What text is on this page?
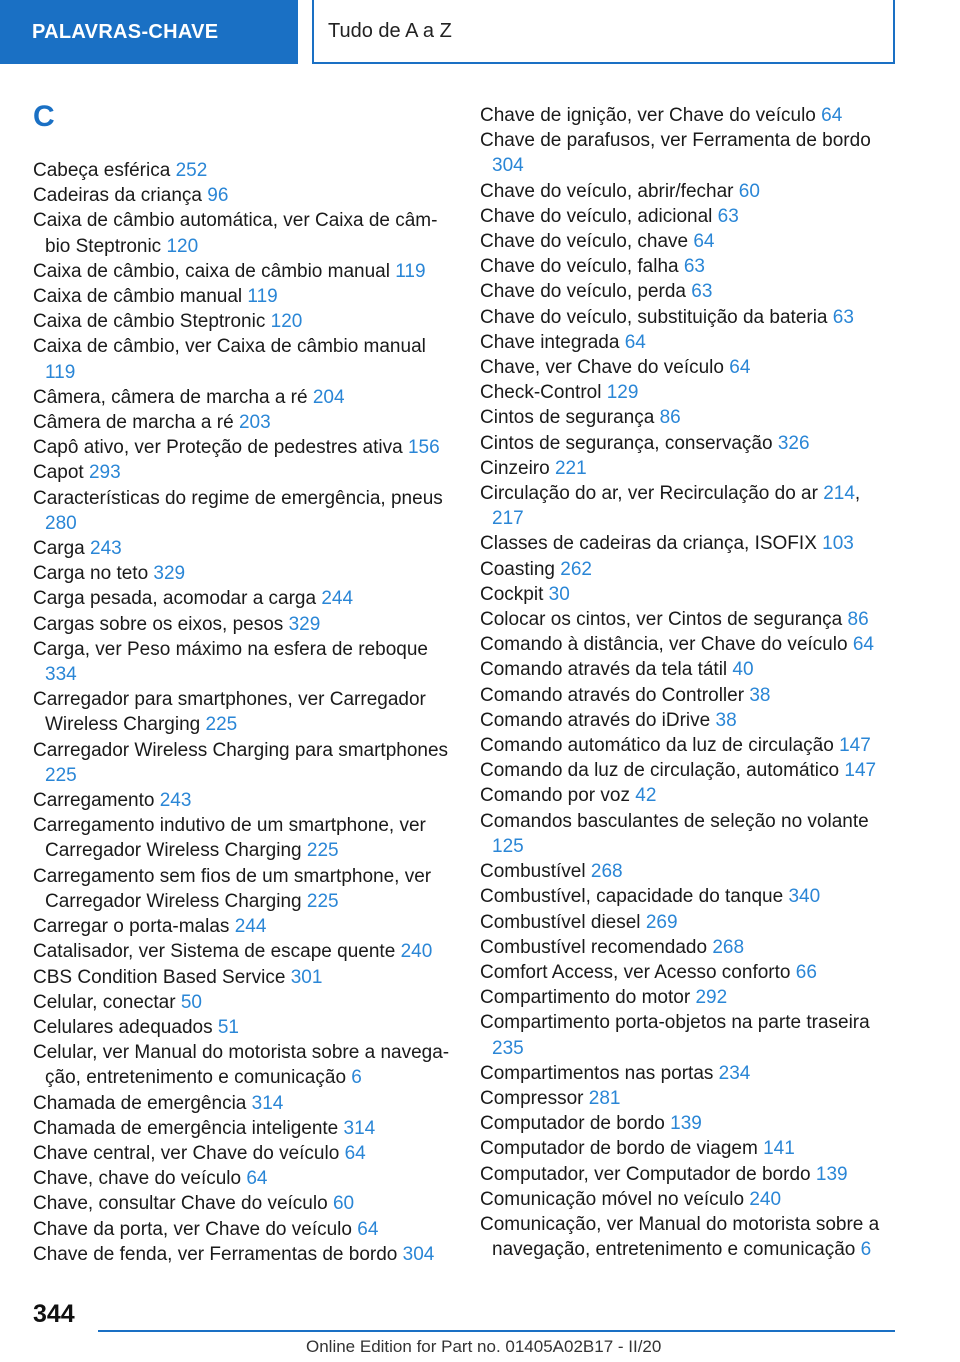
PALAVRAS-CHAVE	Tudo de A a Z
C
Cabeça esférica 252
Cadeiras da criança 96
Caixa de câmbio automática, ver Caixa de câmbio Steptronic 120
Caixa de câmbio, caixa de câmbio manual 119
Caixa de câmbio manual 119
Caixa de câmbio Steptronic 120
Caixa de câmbio, ver Caixa de câmbio manual 119
Câmera, câmera de marcha a ré 204
Câmera de marcha a ré 203
Capô ativo, ver Proteção de pedestres ativa 156
Capot 293
Características do regime de emergência, pneus 280
Carga 243
Carga no teto 329
Carga pesada, acomodar a carga 244
Cargas sobre os eixos, pesos 329
Carga, ver Peso máximo na esfera de reboque 334
Carregador para smartphones, ver Carregador Wireless Charging 225
Carregador Wireless Charging para smartphones 225
Carregamento 243
Carregamento indutivo de um smartphone, ver Carregador Wireless Charging 225
Carregamento sem fios de um smartphone, ver Carregador Wireless Charging 225
Carregar o porta-malas 244
Catalisador, ver Sistema de escape quente 240
CBS Condition Based Service 301
Celular, conectar 50
Celulares adequados 51
Celular, ver Manual do motorista sobre a navegação, entretenimento e comunicação 6
Chamada de emergência 314
Chamada de emergência inteligente 314
Chave central, ver Chave do veículo 64
Chave, chave do veículo 64
Chave, consultar Chave do veículo 60
Chave da porta, ver Chave do veículo 64
Chave de fenda, ver Ferramentas de bordo 304
Chave de ignição, ver Chave do veículo 64
Chave de parafusos, ver Ferramenta de bordo 304
Chave do veículo, abrir/fechar 60
Chave do veículo, adicional 63
Chave do veículo, chave 64
Chave do veículo, falha 63
Chave do veículo, perda 63
Chave do veículo, substituição da bateria 63
Chave integrada 64
Chave, ver Chave do veículo 64
Check-Control 129
Cintos de segurança 86
Cintos de segurança, conservação 326
Cinzeiro 221
Circulação do ar, ver Recirculação do ar 214, 217
Classes de cadeiras da criança, ISOFIX 103
Coasting 262
Cockpit 30
Colocar os cintos, ver Cintos de segurança 86
Comando à distância, ver Chave do veículo 64
Comando através da tela tátil 40
Comando através do Controller 38
Comando através do iDrive 38
Comando automático da luz de circulação 147
Comando da luz de circulação, automático 147
Comando por voz 42
Comandos basculantes de seleção no volante 125
Combustível 268
Combustível, capacidade do tanque 340
Combustível diesel 269
Combustível recomendado 268
Comfort Access, ver Acesso conforto 66
Compartimento do motor 292
Compartimento porta-objetos na parte traseira 235
Compartimentos nas portas 234
Compressor 281
Computador de bordo 139
Computador de bordo de viagem 141
Computador, ver Computador de bordo 139
Comunicação móvel no veículo 240
Comunicação, ver Manual do motorista sobre a navegação, entretenimento e comunicação 6
344
Online Edition for Part no. 01405A02B17 - II/20
